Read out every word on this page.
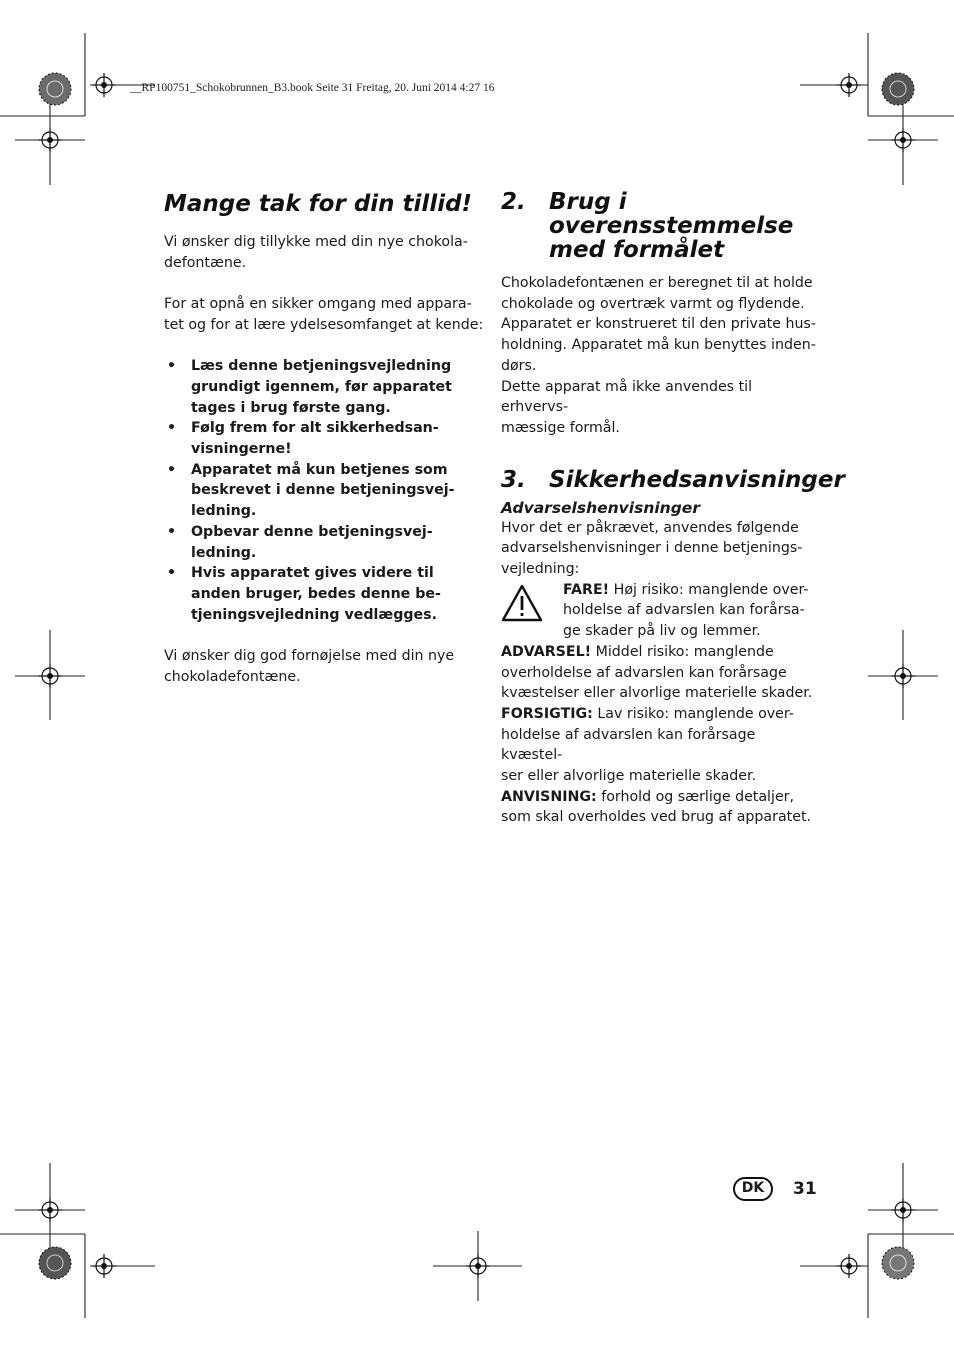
__RP100751_Schokobrunnen_B3.book Seite 31 Freitag, 20. Juni 2014 4:27 16
Mange tak for din tillid!

Vi ønsker dig tillykke med din nye chokola-
defontæne.

For at opnå en sikker omgang med appara-
tet og for at lære ydelsesomfanget at kende:

• Læs denne betjeningsvejledning
grundigt igennem, før apparatet
tages i brug første gang.
• Følg frem for alt sikkerhedsan-
visningerne!
• Apparatet må kun betjenes som
beskrevet i denne betjeningsvej-
ledning.
• Opbevar denne betjeningsvej-
ledning.
• Hvis apparatet gives videre til
anden bruger, bedes denne be-
tjeningsvejledning vedlægges.

Vi ønsker dig god fornøjelse med din nye
chokoladefontæne.

2.	Brug i
overensstemmelse
med formålet

Chokoladefontænen er beregnet til at holde
chokolade og overtræk varmt og flydende.
Apparatet er konstrueret til den private hus-
holdning. Apparatet må kun benyttes inden-
dørs.
Dette apparat må ikke anvendes til erhvervs-
mæssige formål.

3.	Sikkerhedsanvisninger
Advarselshenvisninger

Hvor det er påkrævet, anvendes følgende
advarselshenvisninger i denne betjenings-
vejledning:

FARE! Høj risiko: manglende over-
holdelse af advarslen kan forårsa-
ge skader på liv og lemmer.

ADVARSEL! Middel risiko: manglende
overholdelse af advarslen kan forårsage
kvæstelser eller alvorlige materielle skader.

FORSIGTIG: Lav risiko: manglende over-
holdelse af advarslen kan forårsage kvæstel-
ser eller alvorlige materielle skader.

ANVISNING: forhold og særlige detaljer,
som skal overholdes ved brug af apparatet.

DK	31
